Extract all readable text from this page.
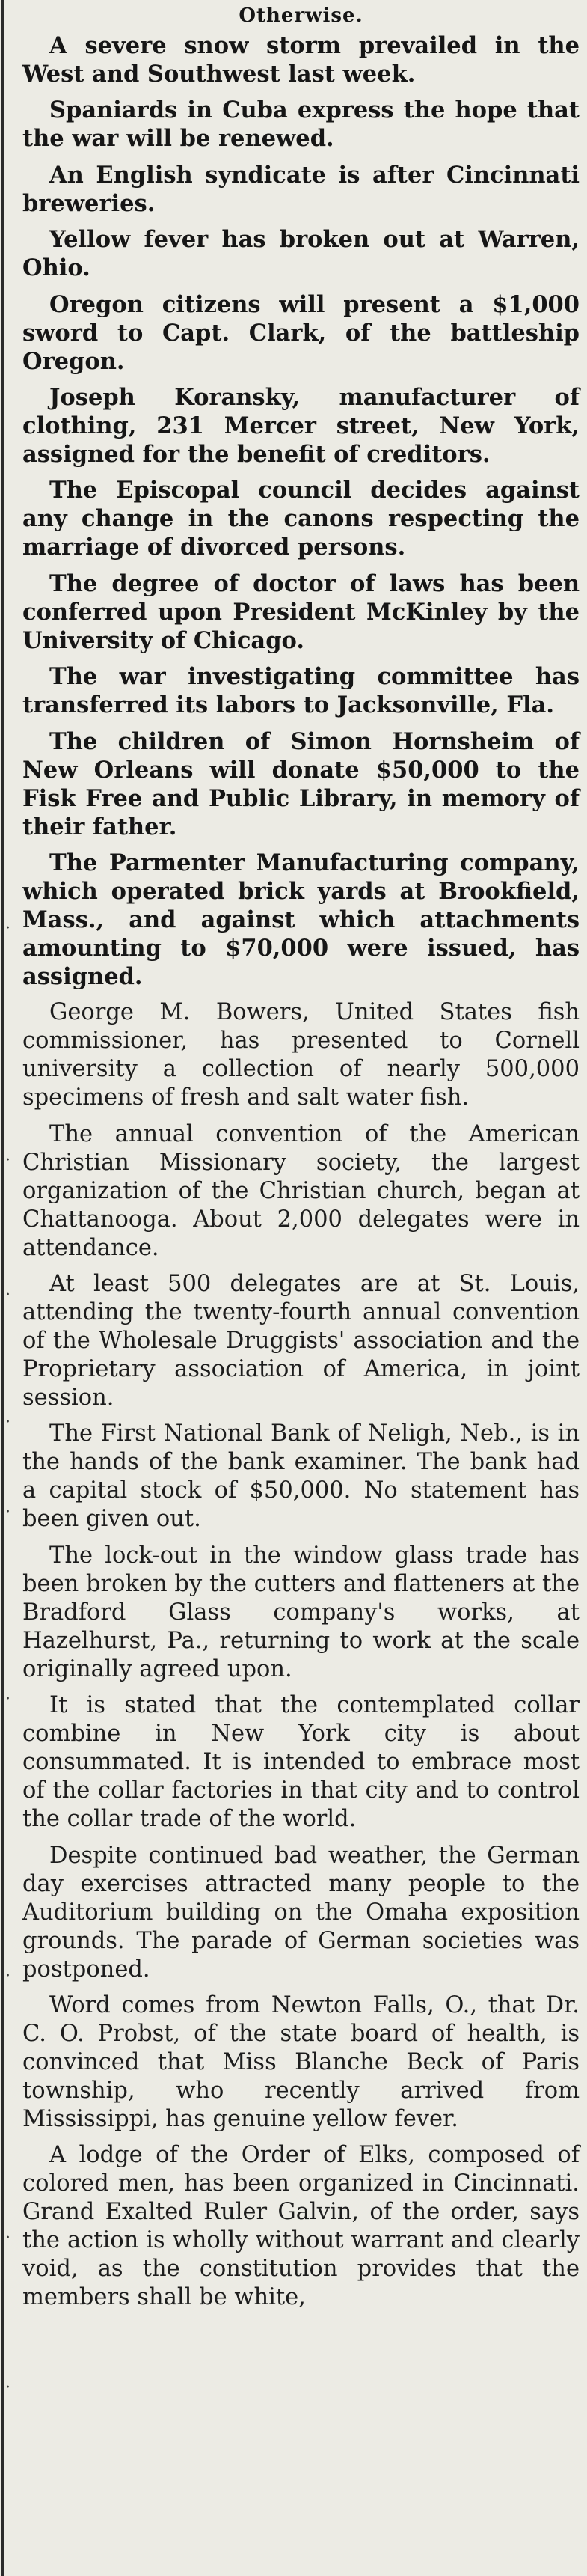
·
·
·
·
·
·
·
·
·
Otherwise.

A severe snow storm prevailed in the West and Southwest last week.

Spaniards in Cuba express the hope that the war will be renewed.

An English syndicate is after Cincinnati breweries.

Yellow fever has broken out at Warren, Ohio.

Oregon citizens will present a $1,000 sword to Capt. Clark, of the battleship Oregon.

Joseph Koransky, manufacturer of clothing, 231 Mercer street, New York, assigned for the benefit of creditors.

The Episcopal council decides against any change in the canons respecting the marriage of divorced persons.

The degree of doctor of laws has been conferred upon President McKinley by the University of Chicago.

The war investigating committee has transferred its labors to Jacksonville, Fla.

The children of Simon Hornsheim of New Orleans will donate $50,000 to the Fisk Free and Public Library, in memory of their father.

The Parmenter Manufacturing company, which operated brick yards at Brookfield, Mass., and against which attachments amounting to $70,000 were issued, has assigned.

George M. Bowers, United States fish commissioner, has presented to Cornell university a collection of nearly 500,000 specimens of fresh and salt water fish.

The annual convention of the American Christian Missionary society, the largest organization of the Christian church, began at Chattanooga. About 2,000 delegates were in attendance.

At least 500 delegates are at St. Louis, attending the twenty-fourth annual convention of the Wholesale Druggists' association and the Proprietary association of America, in joint session.

The First National Bank of Neligh, Neb., is in the hands of the bank examiner. The bank had a capital stock of $50,000. No statement has been given out.

The lock-out in the window glass trade has been broken by the cutters and flatteners at the Bradford Glass company's works, at Hazelhurst, Pa., returning to work at the scale originally agreed upon.

It is stated that the contemplated collar combine in New York city is about consummated. It is intended to embrace most of the collar factories in that city and to control the collar trade of the world.

Despite continued bad weather, the German day exercises attracted many people to the Auditorium building on the Omaha exposition grounds. The parade of German societies was postponed.

Word comes from Newton Falls, O., that Dr. C. O. Probst, of the state board of health, is convinced that Miss Blanche Beck of Paris township, who recently arrived from Mississippi, has genuine yellow fever.

A lodge of the Order of Elks, composed of colored men, has been organized in Cincinnati. Grand Exalted Ruler Galvin, of the order, says the action is wholly without warrant and clearly void, as the constitution provides that the members shall be white,
